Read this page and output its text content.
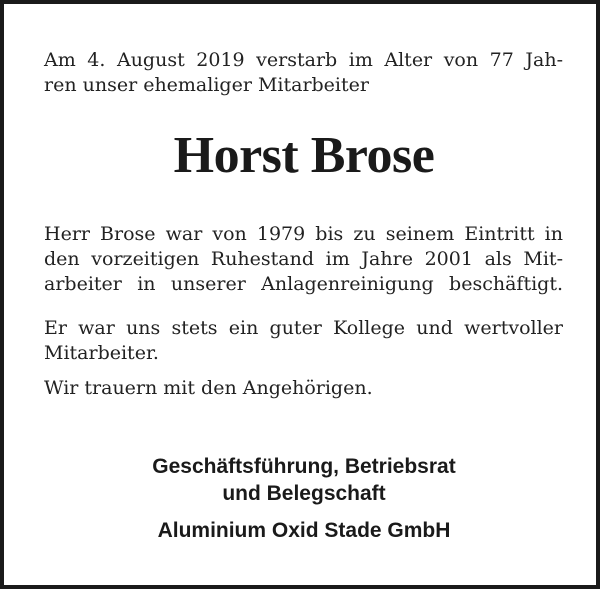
Am 4. August 2019 verstarb im Alter von 77 Jah-
ren unser ehemaliger Mitarbeiter
Horst Brose
Herr Brose war von 1979 bis zu seinem Eintritt in
den vorzeitigen Ruhestand im Jahre 2001 als Mit-
arbeiter in unserer Anlagenreinigung beschäftigt.
Er war uns stets ein guter Kollege und wertvoller
Mitarbeiter.
Wir trauern mit den Angehörigen.
Geschäftsführung, Betriebsrat
und Belegschaft
Aluminium Oxid Stade GmbH
